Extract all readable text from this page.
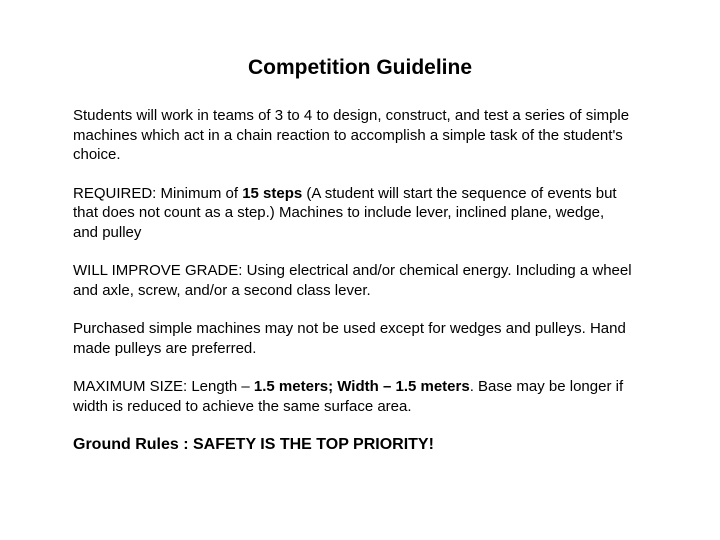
Competition Guideline

Students will work in teams of 3 to 4 to design, construct, and test a series of simple machines which act in a chain reaction to accomplish a simple task of the student's choice.

REQUIRED: Minimum of 15 steps (A student will start the sequence of events but that does not count as a step.) Machines to include lever, inclined plane, wedge, and pulley

WILL IMPROVE GRADE: Using electrical and/or chemical energy. Including a wheel and axle, screw, and/or a second class lever.

Purchased simple machines may not be used except for wedges and pulleys. Hand made pulleys are preferred.

MAXIMUM SIZE: Length – 1.5 meters; Width – 1.5 meters. Base may be longer if width is reduced to achieve the same surface area.

Ground Rules : SAFETY IS THE TOP PRIORITY!
